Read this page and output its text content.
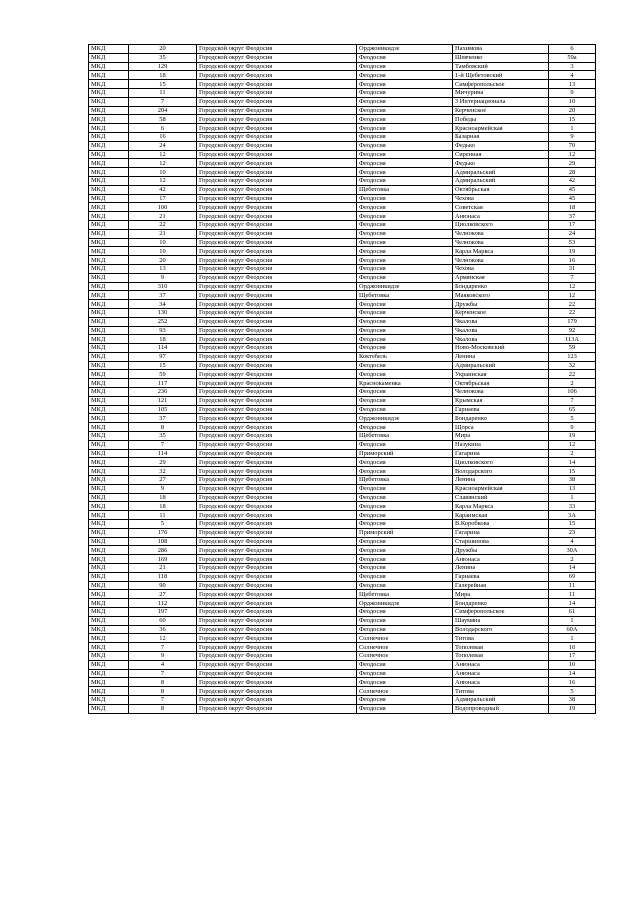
МКД	20	Городской округ Феодосия	Орджоникидзе	Нахимова	6
МКД	35	Городской округ Феодосия	Феодосия	Шевченко	59а
МКД	129	Городской округ Феодосия	Феодосия	Тамбовский	3
МКД	18	Городской округ Феодосия	Феодосия	1-й Щебетовский	4
МКД	15	Городской округ Феодосия	Феодосия	Симферопольское	13
МКД	11	Городской округ Феодосия	Феодосия	Мичурина	9
МКД	7	Городской округ Феодосия	Феодосия	3 Интернационала	10
МКД	204	Городской округ Феодосия	Феодосия	Керченское	20
МКД	58	Городской округ Феодосия	Феодосия	Победы	15
МКД	6	Городской округ Феодосия	Феодосия	Красноармейская	1
МКД	16	Городской округ Феодосия	Феодосия	Базарная	9
МКД	24	Городской округ Феодосия	Феодосия	Федько	70
МКД	12	Городской округ Феодосия	Феодосия	Сиренная	12
МКД	12	Городской округ Феодосия	Феодосия	Федько	29
МКД	10	Городской округ Феодосия	Феодосия	Адмиральский	28
МКД	12	Городской округ Феодосия	Феодосия	Адмиральский	42
МКД	42	Городской округ Феодосия	Щебетовка	Октябрьская	45
МКД	17	Городской округ Феодосия	Феодосия	Чехова	45
МКД	100	Городской округ Феодосия	Феодосия	Советская	18
МКД	21	Городской округ Феодосия	Феодосия	Анюнаса	37
МКД	22	Городской округ Феодосия	Феодосия	Циолковского	17
МКД	21	Городской округ Феодосия	Феодосия	Челнокова	24
МКД	10	Городской округ Феодосия	Феодосия	Челнокова	53
МКД	10	Городской округ Феодосия	Феодосия	Карла Маркса	19
МКД	20	Городской округ Феодосия	Феодосия	Челнокова	16
МКД	13	Городской округ Феодосия	Феодосия	Чехова	31
МКД	9	Городской округ Феодосия	Феодосия	Армянская	7
МКД	310	Городской округ Феодосия	Орджоникидзе	Бондаренко	12
МКД	37	Городской округ Феодосия	Щебетовка	Маяковского	12
МКД	34	Городской округ Феодосия	Феодосия	Дружбы	22
МКД	130	Городской округ Феодосия	Феодосия	Керченское	22
МКД	252	Городской округ Феодосия	Феодосия	Чкалова	179
МКД	93	Городской округ Феодосия	Феодосия	Чкалова	92
МКД	18	Городской округ Феодосия	Феодосия	Чкалова	113А
МКД	114	Городской округ Феодосия	Феодосия	Ново-Московский	59
МКД	97	Городской округ Феодосия	Коктебель	Ленина	123
МКД	15	Городской округ Феодосия	Феодосия	Адмиральский	32
МКД	59	Городской округ Феодосия	Феодосия	Украинская	22
МКД	117	Городской округ Феодосия	Краснокаменка	Октябрьская	2
МКД	236	Городской округ Феодосия	Феодосия	Челнокова	106
МКД	121	Городской округ Феодосия	Феодосия	Крымская	7
МКД	105	Городской округ Феодосия	Феодосия	Гарнаева	65
МКД	37	Городской округ Феодосия	Орджоникидзе	Бондаренко	5
МКД	8	Городской округ Феодосия	Феодосия	Щорса	9
МКД	35	Городской округ Феодосия	Щебетовка	Мира	19
МКД	7	Городской округ Феодосия	Феодосия	Назукина	12
МКД	114	Городской округ Феодосия	Приморский	Гагарина	2
МКД	29	Городской округ Феодосия	Феодосия	Циолковского	14
МКД	32	Городской округ Феодосия	Феодосия	Володарского	15
МКД	27	Городской округ Феодосия	Щебетовка	Ленина	38
МКД	9	Городской округ Феодосия	Феодосия	Красноармейская	13
МКД	18	Городской округ Феодосия	Феодосия	Славянский	1
МКД	18	Городской округ Феодосия	Феодосия	Карла Маркса	33
МКД	11	Городской округ Феодосия	Феодосия	Караимская	3А
МКД	5	Городской округ Феодосия	Феодосия	В.Коробкова	15
МКД	176	Городской округ Феодосия	Приморский	Гагарина	23
МКД	108	Городской округ Феодосия	Феодосия	Старшинова	4
МКД	286	Городской округ Феодосия	Феодосия	Дружбы	30А
МКД	169	Городской округ Феодосия	Феодосия	Анюнаса	2
МКД	21	Городской округ Феодосия	Феодосия	Ленина	14
МКД	118	Городской округ Феодосия	Феодосия	Гарнаева	69
МКД	90	Городской округ Феодосия	Феодосия	Галерейная	11
МКД	27	Городской округ Феодосия	Щебетовка	Мира	11
МКД	112	Городской округ Феодосия	Орджоникидзе	Бондаренко	14
МКД	197	Городской округ Феодосия	Феодосия	Симферопольское	61
МКД	60	Городской округ Феодосия	Феодосия	Шаумяна	1
МКД	36	Городской округ Феодосия	Феодосия	Володарского	60А
МКД	12	Городской округ Феодосия	Солнечное	Титова	1
МКД	7	Городской округ Феодосия	Солнечное	Тополевая	10
МКД	9	Городской округ Феодосия	Солнечное	Тополевая	17
МКД	4	Городской округ Феодосия	Феодосия	Анюнаса	10
МКД	7	Городской округ Феодосия	Феодосия	Анюнаса	14
МКД	8	Городской округ Феодосия	Феодосия	Анюнаса	16
МКД	8	Городской округ Феодосия	Солнечное	Титова	5
МКД	7	Городской округ Феодосия	Феодосия	Адмиральский	38
МКД	8	Городской округ Феодосия	Феодосия	Водопроводный	19
